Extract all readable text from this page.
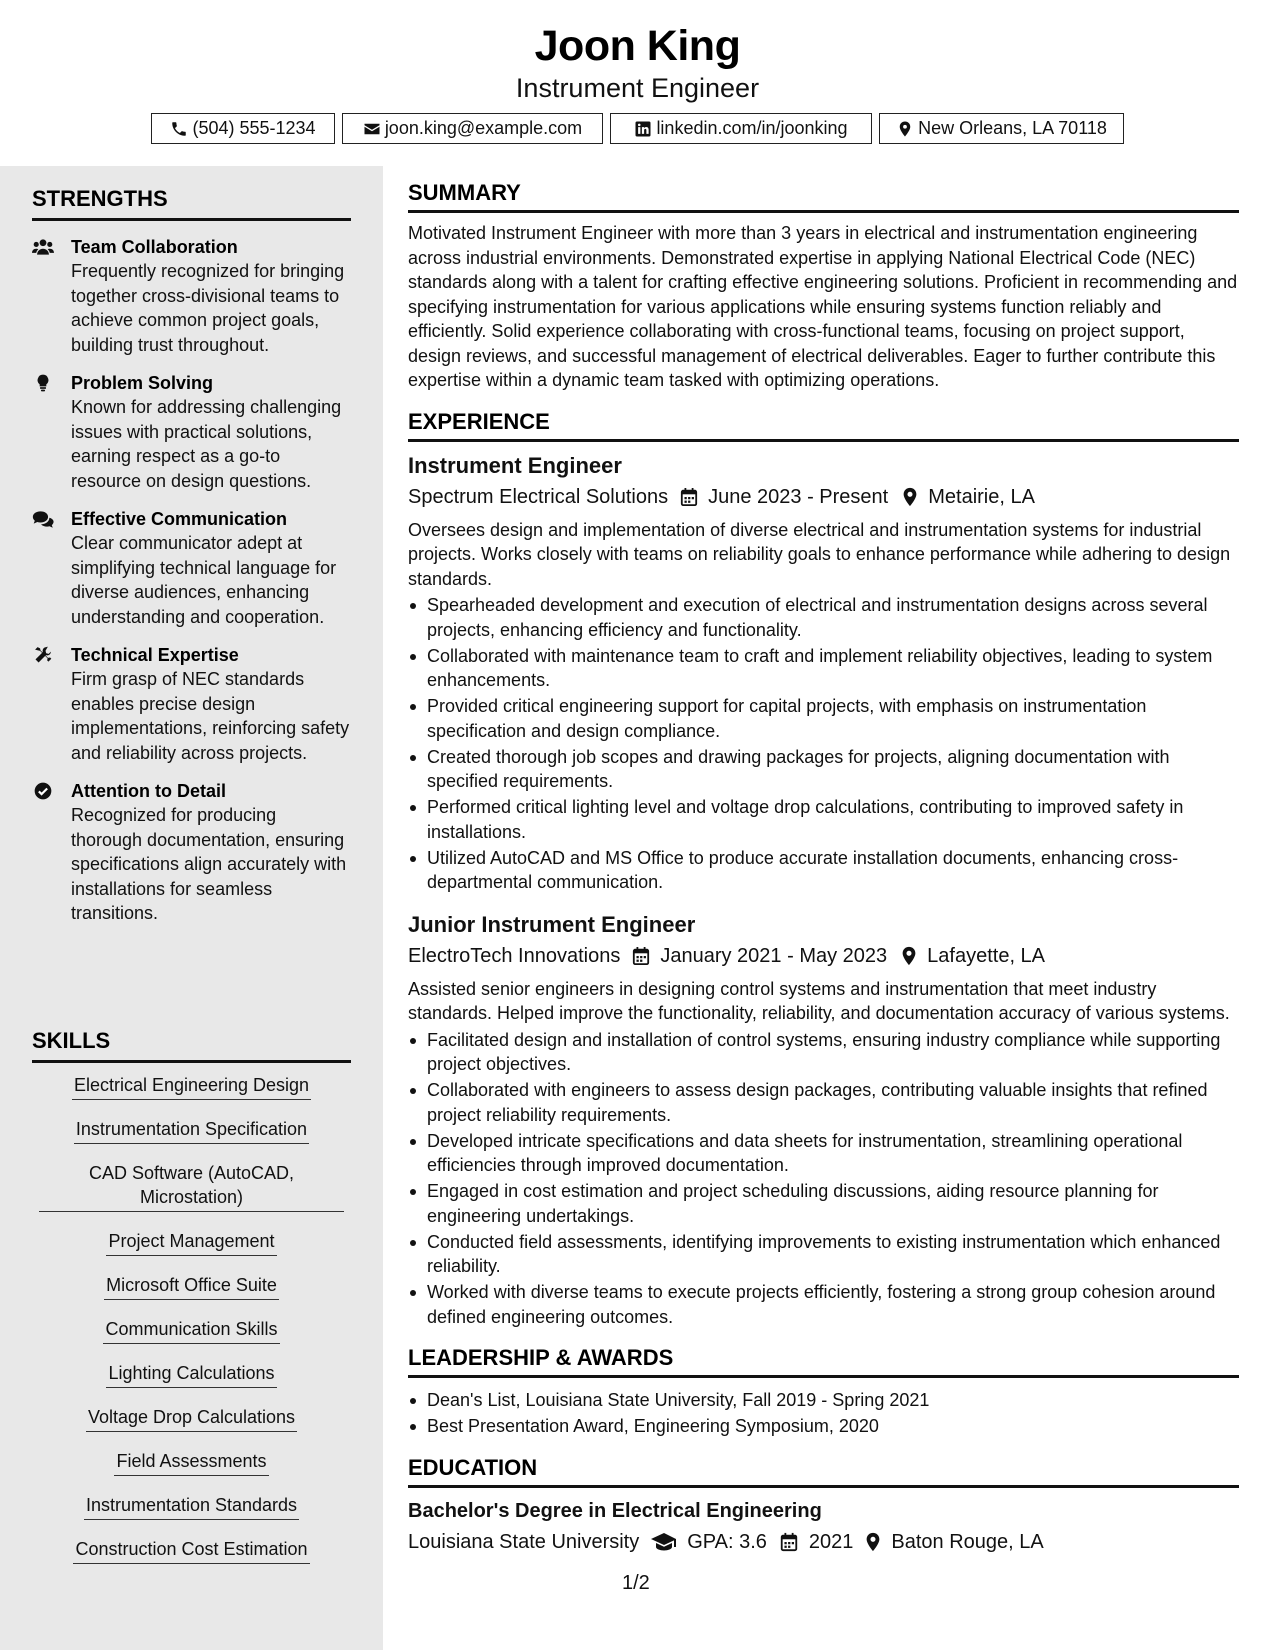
Joon King
Instrument Engineer
(504) 555-1234	joon.king@example.com	linkedin.com/in/joonking	New Orleans, LA 70118
STRENGTHS
Team Collaboration
Frequently recognized for bringing together cross-divisional teams to achieve common project goals, building trust throughout.
Problem Solving
Known for addressing challenging issues with practical solutions, earning respect as a go-to resource on design questions.
Effective Communication
Clear communicator adept at simplifying technical language for diverse audiences, enhancing understanding and cooperation.
Technical Expertise
Firm grasp of NEC standards enables precise design implementations, reinforcing safety and reliability across projects.
Attention to Detail
Recognized for producing thorough documentation, ensuring specifications align accurately with installations for seamless transitions.
SKILLS
Electrical Engineering Design
Instrumentation Specification
CAD Software (AutoCAD, Microstation)
Project Management
Microsoft Office Suite
Communication Skills
Lighting Calculations
Voltage Drop Calculations
Field Assessments
Instrumentation Standards
Construction Cost Estimation
SUMMARY
Motivated Instrument Engineer with more than 3 years in electrical and instrumentation engineering across industrial environments. Demonstrated expertise in applying National Electrical Code (NEC) standards along with a talent for crafting effective engineering solutions. Proficient in recommending and specifying instrumentation for various applications while ensuring systems function reliably and efficiently. Solid experience collaborating with cross-functional teams, focusing on project support, design reviews, and successful management of electrical deliverables. Eager to further contribute this expertise within a dynamic team tasked with optimizing operations.
EXPERIENCE
Instrument Engineer
Spectrum Electrical Solutions June 2023 - Present Metairie, LA
Oversees design and implementation of diverse electrical and instrumentation systems for industrial projects. Works closely with teams on reliability goals to enhance performance while adhering to design standards.
Spearheaded development and execution of electrical and instrumentation designs across several projects, enhancing efficiency and functionality.
Collaborated with maintenance team to craft and implement reliability objectives, leading to system enhancements.
Provided critical engineering support for capital projects, with emphasis on instrumentation specification and design compliance.
Created thorough job scopes and drawing packages for projects, aligning documentation with specified requirements.
Performed critical lighting level and voltage drop calculations, contributing to improved safety in installations.
Utilized AutoCAD and MS Office to produce accurate installation documents, enhancing cross-departmental communication.
Junior Instrument Engineer
ElectroTech Innovations January 2021 - May 2023 Lafayette, LA
Assisted senior engineers in designing control systems and instrumentation that meet industry standards. Helped improve the functionality, reliability, and documentation accuracy of various systems.
Facilitated design and installation of control systems, ensuring industry compliance while supporting project objectives.
Collaborated with engineers to assess design packages, contributing valuable insights that refined project reliability requirements.
Developed intricate specifications and data sheets for instrumentation, streamlining operational efficiencies through improved documentation.
Engaged in cost estimation and project scheduling discussions, aiding resource planning for engineering undertakings.
Conducted field assessments, identifying improvements to existing instrumentation which enhanced reliability.
Worked with diverse teams to execute projects efficiently, fostering a strong group cohesion around defined engineering outcomes.
LEADERSHIP & AWARDS
Dean's List, Louisiana State University, Fall 2019 - Spring 2021
Best Presentation Award, Engineering Symposium, 2020
EDUCATION
Bachelor's Degree in Electrical Engineering
Louisiana State University GPA: 3.6 2021 Baton Rouge, LA
1/2
